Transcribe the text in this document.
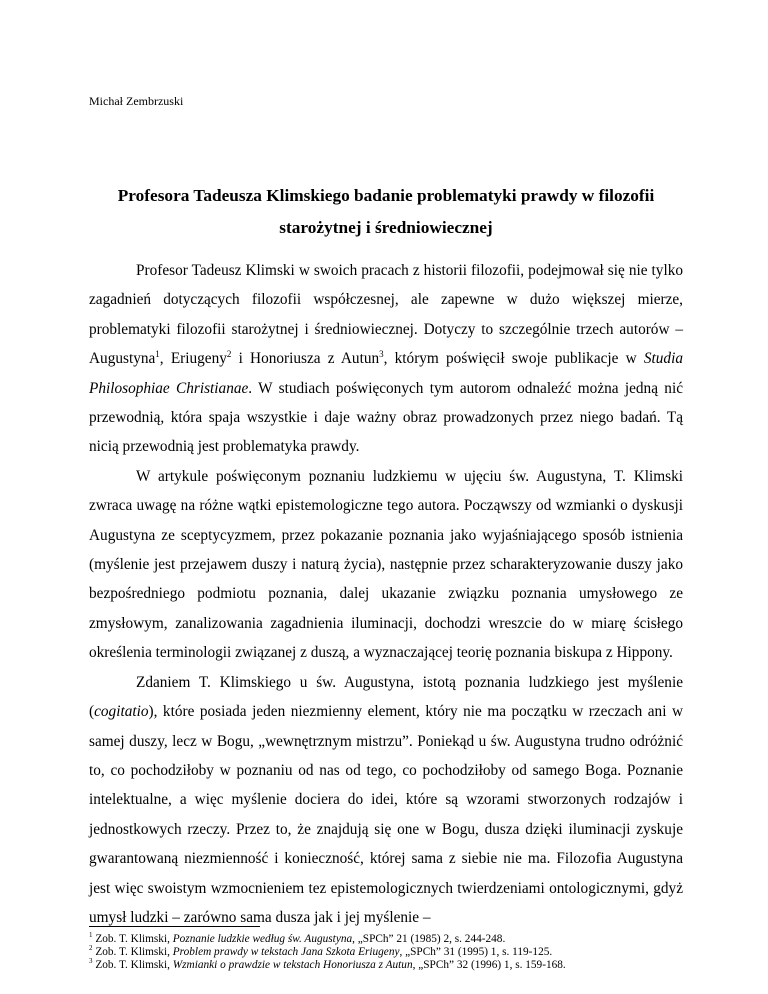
Michał Zembrzuski
Profesora Tadeusza Klimskiego badanie problematyki prawdy w filozofii
starożytnej i średniowiecznej

Profesor Tadeusz Klimski w swoich pracach z historii filozofii, podejmował się nie tylko zagadnień dotyczących filozofii współczesnej, ale zapewne w dużo większej mierze, problematyki filozofii starożytnej i średniowiecznej. Dotyczy to szczególnie trzech autorów – Augustyna$^1$, Eriugeny$^2$ i Honoriusza z Autun$^3$, którym poświęcił swoje publikacje w Studia Philosophiae Christianae. W studiach poświęconych tym autorom odnaleźć można jedną nić przewodnią, która spaja wszystkie i daje ważny obraz prowadzonych przez niego badań. Tą nicią przewodnią jest problematyka prawdy.

W artykule poświęconym poznaniu ludzkiemu w ujęciu św. Augustyna, T. Klimski zwraca uwagę na różne wątki epistemologiczne tego autora. Począwszy od wzmianki o dyskusji Augustyna ze sceptycyzmem, przez pokazanie poznania jako wyjaśniającego sposób istnienia (myślenie jest przejawem duszy i naturą życia), następnie przez scharakteryzowanie duszy jako bezpośredniego podmiotu poznania, dalej ukazanie związku poznania umysłowego ze zmysłowym, zanalizowania zagadnienia iluminacji, dochodzi wreszcie do w miarę ścisłego określenia terminologii związanej z duszą, a wyznaczającej teorię poznania biskupa z Hippony.

Zdaniem T. Klimskiego u św. Augustyna, istotą poznania ludzkiego jest myślenie (cogitatio), które posiada jeden niezmienny element, który nie ma początku w rzeczach ani w samej duszy, lecz w Bogu, „wewnętrznym mistrzu”. Poniekąd u św. Augustyna trudno odróżnić to, co pochodziłoby w poznaniu od nas od tego, co pochodziłoby od samego Boga. Poznanie intelektualne, a więc myślenie dociera do idei, które są wzorami stworzonych rodzajów i jednostkowych rzeczy. Przez to, że znajdują się one w Bogu, dusza dzięki iluminacji zyskuje gwarantowaną niezmienność i konieczność, której sama z siebie nie ma. Filozofia Augustyna jest więc swoistym wzmocnieniem tez epistemologicznych twierdzeniami ontologicznymi, gdyż umysł ludzki – zarówno sama dusza jak i jej myślenie –

$^1$ Zob. T. Klimski, Poznanie ludzkie według św. Augustyna, „SPCh” 21 (1985) 2, s. 244-248.
$^2$ Zob. T. Klimski, Problem prawdy w tekstach Jana Szkota Eriugeny, „SPCh” 31 (1995) 1, s. 119-125.
$^3$ Zob. T. Klimski, Wzmianki o prawdzie w tekstach Honoriusza z Autun, „SPCh” 32 (1996) 1, s. 159-168.
